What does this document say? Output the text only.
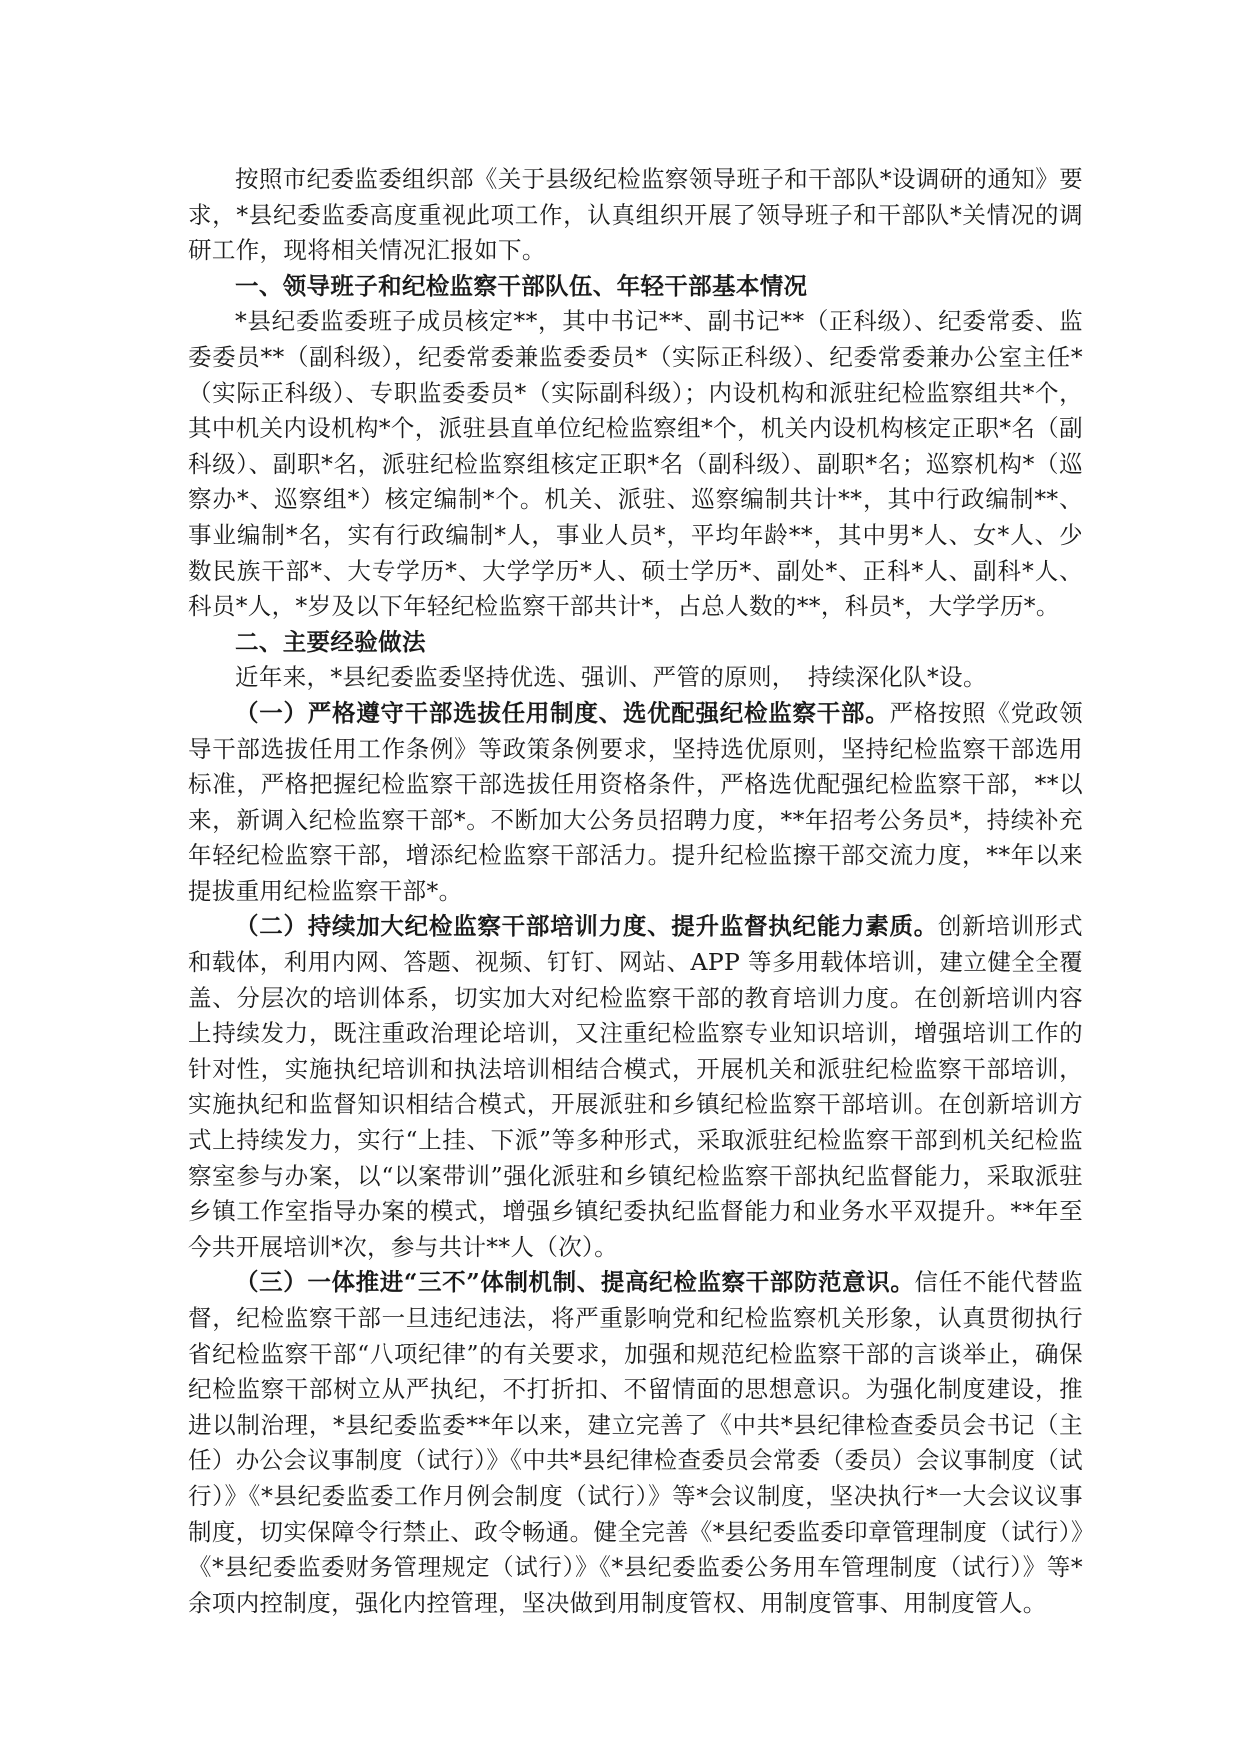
按照市纪委监委组织部《关于县级纪检监察领导班子和干部队*设调研的通知》要求，*县纪委监委高度重视此项工作，认真组织开展了领导班子和干部队*关情况的调研工作，现将相关情况汇报如下。

一、领导班子和纪检监察干部队伍、年轻干部基本情况

*县纪委监委班子成员核定**，其中书记**、副书记**（正科级）、纪委常委、监委委员**（副科级），纪委常委兼监委委员*（实际正科级）、纪委常委兼办公室主任*（实际正科级）、专职监委委员*（实际副科级）；内设机构和派驻纪检监察组共*个，其中机关内设机构*个，派驻县直单位纪检监察组*个，机关内设机构核定正职*名（副科级）、副职*名，派驻纪检监察组核定正职*名（副科级）、副职*名；巡察机构*（巡察办*、巡察组*）核定编制*个。机关、派驻、巡察编制共计**，其中行政编制**、事业编制*名，实有行政编制*人，事业人员*，平均年龄**，其中男*人、女*人、少数民族干部*、大专学历*、大学学历*人、硕士学历*、副处*、正科*人、副科*人、科员*人，*岁及以下年轻纪检监察干部共计*，占总人数的**，科员*，大学学历*。

二、主要经验做法

近年来，*县纪委监委坚持优选、强训、严管的原则，　持续深化队*设。

（一）严格遵守干部选拔任用制度、选优配强纪检监察干部。严格按照《党政领导干部选拔任用工作条例》等政策条例要求，坚持选优原则，坚持纪检监察干部选用标准，严格把握纪检监察干部选拔任用资格条件，严格选优配强纪检监察干部，**以来，新调入纪检监察干部*。不断加大公务员招聘力度，**年招考公务员*，持续补充年轻纪检监察干部，增添纪检监察干部活力。提升纪检监擦干部交流力度，**年以来提拔重用纪检监察干部*。

（二）持续加大纪检监察干部培训力度、提升监督执纪能力素质。创新培训形式和载体，利用内网、答题、视频、钉钉、网站、APP 等多用载体培训，建立健全全覆盖、分层次的培训体系，切实加大对纪检监察干部的教育培训力度。在创新培训内容上持续发力，既注重政治理论培训，又注重纪检监察专业知识培训，增强培训工作的针对性，实施执纪培训和执法培训相结合模式，开展机关和派驻纪检监察干部培训，实施执纪和监督知识相结合模式，开展派驻和乡镇纪检监察干部培训。在创新培训方式上持续发力，实行“上挂、下派”等多种形式，采取派驻纪检监察干部到机关纪检监察室参与办案，以“以案带训”强化派驻和乡镇纪检监察干部执纪监督能力，采取派驻乡镇工作室指导办案的模式，增强乡镇纪委执纪监督能力和业务水平双提升。**年至今共开展培训*次，参与共计**人（次）。

（三）一体推进“三不”体制机制、提高纪检监察干部防范意识。信任不能代替监督，纪检监察干部一旦违纪违法，将严重影响党和纪检监察机关形象，认真贯彻执行省纪检监察干部“八项纪律”的有关要求，加强和规范纪检监察干部的言谈举止，确保纪检监察干部树立从严执纪，不打折扣、不留情面的思想意识。为强化制度建设，推进以制治理，*县纪委监委**年以来，建立完善了《中共*县纪律检查委员会书记（主任）办公会议事制度（试行）》《中共*县纪律检查委员会常委（委员）会议事制度（试行）》《*县纪委监委工作月例会制度（试行）》等*会议制度，坚决执行*一大会议议事制度，切实保障令行禁止、政令畅通。健全完善《*县纪委监委印章管理制度（试行）》《*县纪委监委财务管理规定（试行）》《*县纪委监委公务用车管理制度（试行）》等*余项内控制度，强化内控管理，坚决做到用制度管权、用制度管事、用制度管人。
